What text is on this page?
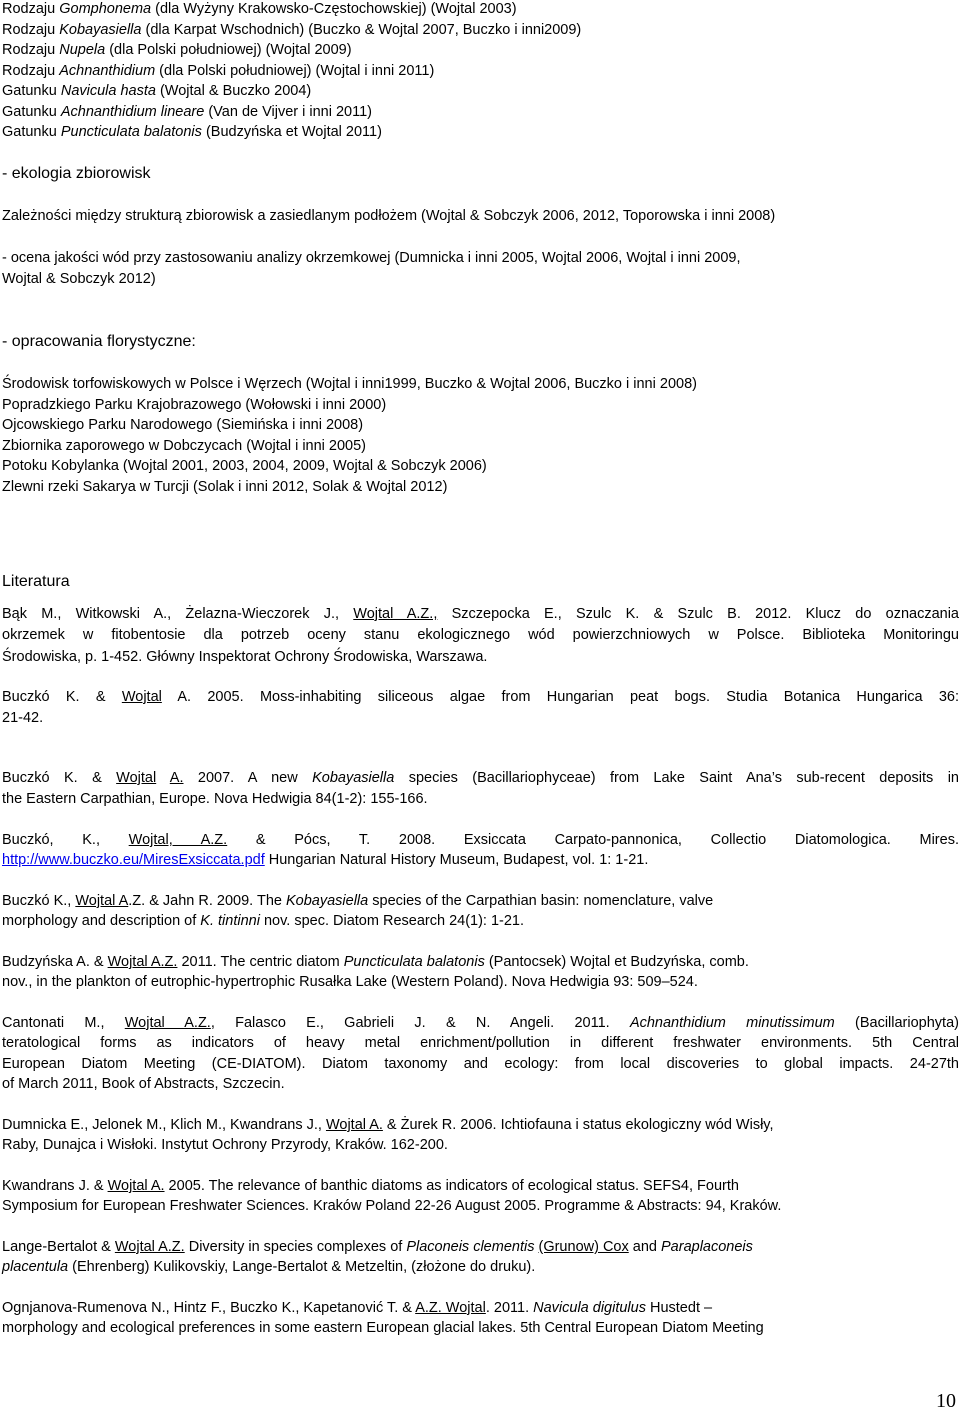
Rodzaju Gomphonema (dla Wyżyny Krakowsko-Częstochowskiej) (Wojtal 2003)
Rodzaju Kobayasiella (dla Karpat Wschodnich) (Buczko & Wojtal 2007, Buczko i inni2009)
Rodzaju Nupela (dla Polski południowej) (Wojtal 2009)
Rodzaju Achnanthidium (dla Polski południowej) (Wojtal i inni 2011)
Gatunku Navicula hasta (Wojtal & Buczko 2004)
Gatunku Achnanthidium lineare (Van de Vijver i inni 2011)
Gatunku Puncticulata balatonis (Budzyńska et Wojtal 2011)
- ekologia zbiorowisk
Zależności między strukturą zbiorowisk a zasiedlanym podłożem (Wojtal & Sobczyk 2006, 2012, Toporowska i inni 2008)
- ocena jakości wód przy zastosowaniu analizy okrzemkowej (Dumnicka i inni 2005, Wojtal 2006, Wojtal i inni 2009,
Wojtal & Sobczyk 2012)
- opracowania florystyczne:
Środowisk torfowiskowych w Polsce i Węrzech (Wojtal i inni1999, Buczko & Wojtal 2006, Buczko i inni 2008)
Popradzkiego Parku Krajobrazowego (Wołowski i inni 2000)
Ojcowskiego Parku Narodowego (Siemińska i inni 2008)
Zbiornika zaporowego w Dobczycach (Wojtal i inni 2005)
Potoku Kobylanka (Wojtal 2001, 2003, 2004, 2009, Wojtal & Sobczyk 2006)
Zlewni rzeki Sakarya w Turcji (Solak i inni 2012, Solak & Wojtal 2012)
Literatura
Bąk M., Witkowski A., Żelazna-Wieczorek J., Wojtal A.Z., Szczepocka E., Szulc K. & Szulc B. 2012. Klucz do oznaczania
okrzemek w fitobentosie dla potrzeb oceny stanu ekologicznego wód powierzchniowych w Polsce. Biblioteka Monitoringu
Środowiska, p. 1-452. Główny Inspektorat Ochrony Środowiska, Warszawa.
Buczkó K. & Wojtal A. 2005. Moss-inhabiting siliceous algae from Hungarian peat bogs. Studia Botanica Hungarica 36:
21-42.
Buczkó K. & Wojtal A. 2007. A new Kobayasiella species (Bacillariophyceae) from Lake Saint Ana’s sub-recent deposits in
the Eastern Carpathian, Europe. Nova Hedwigia 84(1-2): 155-166.
Buczkó, K., Wojtal, A.Z. & Pócs, T. 2008. Exsiccata Carpato-pannonica, Collectio Diatomologica. Mires.
http://www.buczko.eu/MiresExsiccata.pdf Hungarian Natural History Museum, Budapest, vol. 1: 1-21.
Buczkó K., Wojtal A.Z. & Jahn R. 2009. The Kobayasiella species of the Carpathian basin: nomenclature, valve
morphology and description of K. tintinni nov. spec. Diatom Research 24(1): 1-21.
Budzyńska A. & Wojtal A.Z. 2011. The centric diatom Puncticulata balatonis (Pantocsek) Wojtal et Budzyńska, comb.
nov., in the plankton of eutrophic-hypertrophic Rusałka Lake (Western Poland). Nova Hedwigia 93: 509–524.
Cantonati M., Wojtal A.Z., Falasco E., Gabrieli J. & N. Angeli. 2011. Achnanthidium minutissimum (Bacillariophyta)
teratological forms as indicators of heavy metal enrichment/pollution in different freshwater environments. 5th Central
European Diatom Meeting (CE-DIATOM). Diatom taxonomy and ecology: from local discoveries to global impacts. 24-27th
of March 2011, Book of Abstracts, Szczecin.
Dumnicka E., Jelonek M., Klich M., Kwandrans J., Wojtal A. & Żurek R. 2006. Ichtiofauna i status ekologiczny wód Wisły,
Raby, Dunajca i Wisłoki. Instytut Ochrony Przyrody, Kraków. 162-200.
Kwandrans J. & Wojtal A. 2005. The relevance of banthic diatoms as indicators of ecological status. SEFS4, Fourth
Symposium for European Freshwater Sciences. Kraków Poland 22-26 August 2005. Programme & Abstracts: 94, Kraków.
Lange-Bertalot & Wojtal A.Z. Diversity in species complexes of Placoneis clementis (Grunow) Cox and Paraplaconeis
placentula (Ehrenberg) Kulikovskiy, Lange-Bertalot & Metzeltin, (złożone do druku).
Ognjanova-Rumenova N., Hintz F., Buczko K., Kapetanović T. & A.Z. Wojtal. 2011. Navicula digitulus Hustedt –
morphology and ecological preferences in some eastern European glacial lakes. 5th Central European Diatom Meeting
10
